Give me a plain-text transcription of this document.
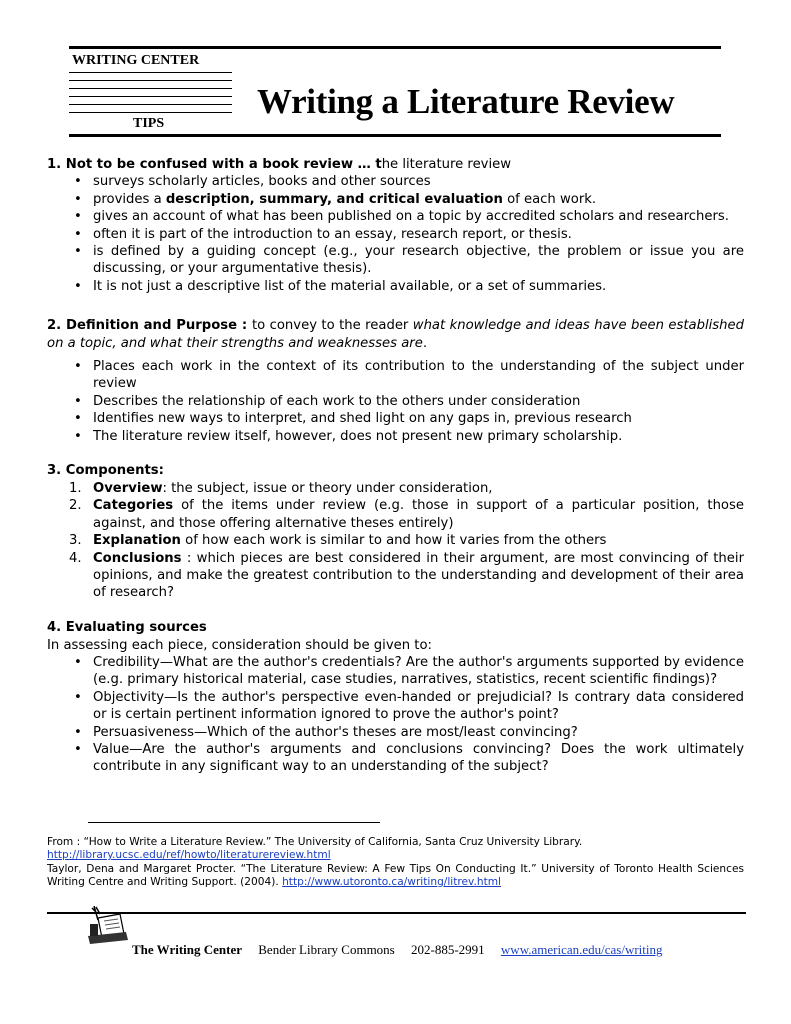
WRITING CENTER
TIPS
Writing a Literature Review
1. Not to be confused with a book review … the literature review
• surveys scholarly articles, books and other sources
• provides a description, summary, and critical evaluation of each work.
• gives an account of what has been published on a topic by accredited scholars and researchers.
• often it is part of the introduction to an essay, research report, or thesis.
• is defined by a guiding concept (e.g., your research objective, the problem or issue you are discussing, or your argumentative thesis).
• It is not just a descriptive list of the material available, or a set of summaries.
2. Definition and Purpose : to convey to the reader what knowledge and ideas have been established on a topic, and what their strengths and weaknesses are.
• Places each work in the context of its contribution to the understanding of the subject under review
• Describes the relationship of each work to the others under consideration
• Identifies new ways to interpret, and shed light on any gaps in, previous research
• The literature review itself, however, does not present new primary scholarship.
3. Components:
1. Overview: the subject, issue or theory under consideration,
2. Categories of the items under review (e.g. those in support of a particular position, those against, and those offering alternative theses entirely)
3. Explanation of how each work is similar to and how it varies from the others
4. Conclusions : which pieces are best considered in their argument, are most convincing of their opinions, and make the greatest contribution to the understanding and development of their area of research?
4. Evaluating sources
In assessing each piece, consideration should be given to:
• Credibility—What are the author's credentials? Are the author's arguments supported by evidence (e.g. primary historical material, case studies, narratives, statistics, recent scientific findings)?
• Objectivity—Is the author's perspective even-handed or prejudicial? Is contrary data considered or is certain pertinent information ignored to prove the author's point?
• Persuasiveness—Which of the author's theses are most/least convincing?
• Value—Are the author's arguments and conclusions convincing? Does the work ultimately contribute in any significant way to an understanding of the subject?
From : “How to Write a Literature Review.” The University of California, Santa Cruz University Library.
http://library.ucsc.edu/ref/howto/literaturereview.html
Taylor, Dena and Margaret Procter. “The Literature Review: A Few Tips On Conducting It.” University of Toronto Health Sciences Writing Centre and Writing Support. (2004). http://www.utoronto.ca/writing/litrev.html
The Writing Center Bender Library Commons 202-885-2991 www.american.edu/cas/writing
